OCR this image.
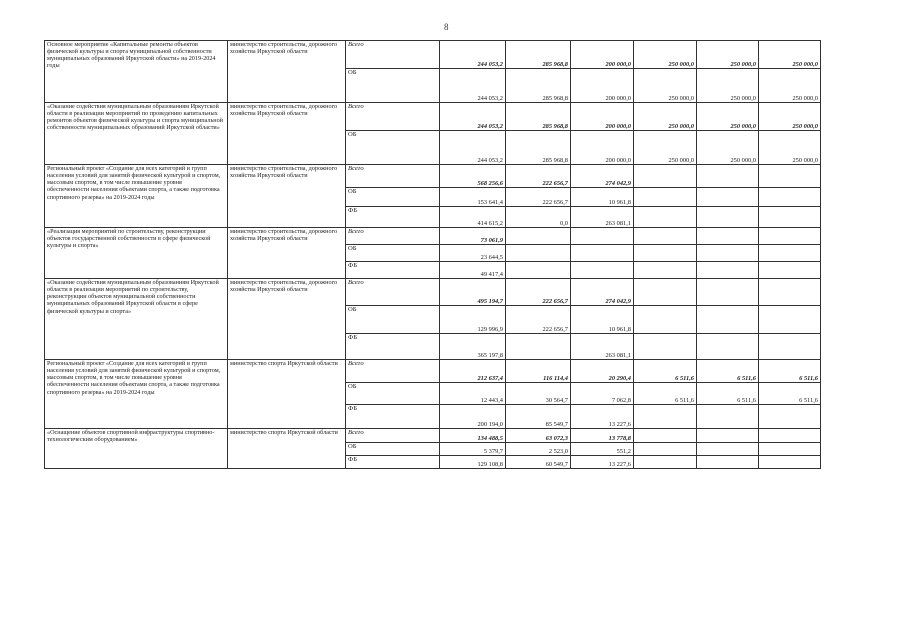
8
Основное мероприятие «Капитальные ремонты объектов физической культуры и спорта муниципальной собственности муниципальных образований Иркутской области» на 2019-2024 годы	министерство строительства, дорожного хозяйства Иркутской области	Всего	244 053,2	285 968,8	200 000,0	250 000,0	250 000,0	250 000,0
		ОБ	244 053,2	285 968,8	200 000,0	250 000,0	250 000,0	250 000,0
«Оказание содействия муниципальным образованиям Иркутской области в реализации мероприятий по проведению капитальных ремонтов объектов физической культуры и спорта муниципальной собственности муниципальных образований Иркутской области»	министерство строительства, дорожного хозяйства Иркутской области	Всего	244 053,2	285 968,8	200 000,0	250 000,0	250 000,0	250 000,0
		ОБ	244 053,2	285 968,8	200 000,0	250 000,0	250 000,0	250 000,0
Региональный проект «Создание для всех категорий и групп населения условий для занятий физической культурой и спортом, массовым спортом, в том числе повышение уровня обеспеченности населения объектами спорта, а также подготовка спортивного резерва» на 2019-2024 годы	министерство строительства, дорожного хозяйства Иркутской области	Всего	568 256,6	222 656,7	274 042,9			
		ОБ	153 641,4	222 656,7	10 961,8			
		ФБ	414 615,2	0,0	263 081,1			
«Реализация мероприятий по строительству, реконструкции объектов государственной собственности в сфере физической культуры и спорта»	министерство строительства, дорожного хозяйства Иркутской области	Всего	73 061,9					
		ОБ	23 644,5					
		ФБ	49 417,4					
«Оказание содействия муниципальным образованиям Иркутской области в реализации мероприятий по строительству, реконструкции объектов муниципальной собственности муниципальных образований Иркутской области в сфере физической культуры и спорта»	министерство строительства, дорожного хозяйства Иркутской области	Всего	495 194,7	222 656,7	274 042,9			
		ОБ	129 996,9	222 656,7	10 961,8			
		ФБ	365 197,8		263 081,1			
Региональный проект «Создание для всех категорий и групп населения условий для занятий физической культурой и спортом, массовым спортом, в том числе повышение уровня обеспеченности населения объектами спорта, а также подготовка спортивного резерва» на 2019-2024 годы	министерство спорта Иркутской области	Всего	212 637,4	116 114,4	20 290,4	6 511,6	6 511,6	6 511,6
		ОБ	12 443,4	30 564,7	7 062,8	6 511,6	6 511,6	6 511,6
		ФБ	200 194,0	85 549,7	13 227,6			
«Оснащение объектов спортивной инфраструктуры спортивно-технологическим оборудованием»	министерство спорта Иркутской области	Всего	134 488,5	63 072,3	13 778,8			
		ОБ	5 379,7	2 523,0	551,2			
		ФБ	129 108,8	60 549,7	13 227,6			
